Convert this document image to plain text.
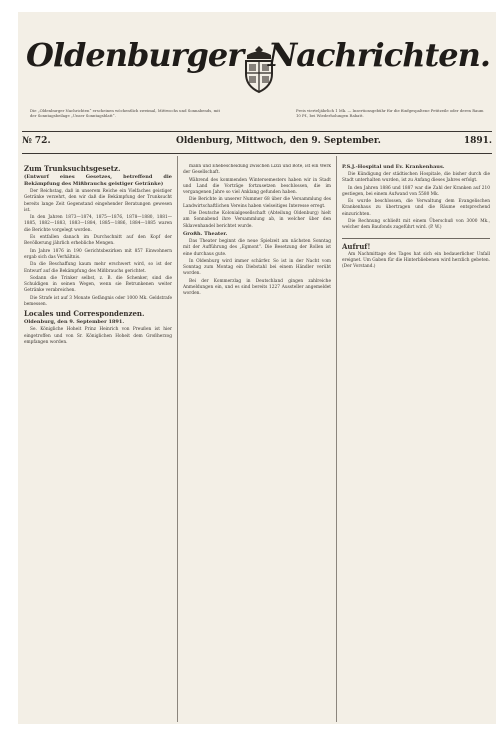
Oldenburger Nachrichten.
Die „Oldenburger Nachrichten“ erscheinen wöchentlich zweimal, Mittwochs und Sonnabends, mit der Sonntagsbeilage „Unser Sonntagsblatt“.
Preis vierteljährlich 1 Mk. — Insertionsgebühr für die fünfgespaltene Petitzeile oder deren Raum 10 Pf., bei Wiederholungen Rabatt.
№ 72.	Oldenburg, Mittwoch, den 9. September.	1891.

Zum Trunksuchtsgesetz.

(Entwurf eines Gesetzes, betreffend die Bekämpfung des Mißbrauchs geistiger Getränke)

Der Reichstag, daß in unserem Reiche ein Vielfaches geistiger Getränke verzehrt, den wir daß die Bekämpfung der Trunksucht bereits lange Zeit Gegenstand eingehender Beratungen gewesen ist.

In den Jahren 1873—1874, 1875—1876, 1878—1880, 1881—1885, 1882—1883, 1883—1884, 1885—1886, 1884—1885 waren die Berichte vorgelegt worden.

Es entfallen danach im Durchschnitt auf den Kopf der Bevölkerung jährlich erhebliche Mengen.

Im Jahre 1876 in 190 Gerichtsbezirken mit 857 Einwohnern ergab sich das Verhältnis.

Da die Beschaffung kaum mehr erschwert wird, so ist der Entwurf auf die Bekämpfung des Mißbrauchs gerichtet.

Sodann die Trinker selbst, z. B. die Schenker, sind die Schuldigen in seinen Wegen, wenn sie Betrunkenen weiter Getränke verabreichen.

Die Strafe ist auf 3 Monate Gefängnis oder 1000 Mk. Geldstrafe bemessen.

Locales und Correspondenzen.

Oldenburg, den 9. September 1891.

Se. Königliche Hoheit Prinz Heinrich von Preußen ist hier eingetroffen und von Sr. Königlichen Hoheit dem Großherzog empfangen worden.

mann und Ehebescheidung zwischen Lizzi und Bote, ist ein Werk der Gesellschaft.

Während des kommenden Wintersemesters haben wir in Stadt und Land die Vorträge fortzusetzen beschlossen, die im vergangenen Jahre so viel Anklang gefunden haben.

Die Berichte in unserer Nummer 68 über die Versammlung des Landwirtschaftlichen Vereins haben vielseitiges Interesse erregt.

Die Deutsche Kolonialgesellschaft (Abteilung Oldenburg) hielt am Sonnabend ihre Versammlung ab, in welcher über den Sklavenhandel berichtet wurde.

Großh. Theater.

Das Theater beginnt die neue Spielzeit am nächsten Sonntag mit der Aufführung des „Egmont“. Die Besetzung der Rollen ist eine durchaus gute.

In Oldenburg wird immer schärfer. So ist in der Nacht vom Sonntag zum Montag ein Diebstahl bei einem Händler verübt worden.

Bei der Kommerzlag in Deutschland gingen zahlreiche Anmeldungen ein, und es sind bereits 1227 Aussteller angemeldet worden.

P.S.J.-Hospital und Ev. Krankenhaus.

Die Kündigung der städtischen Hospitale, die bisher durch die Stadt unterhalten wurden, ist zu Anfang dieses Jahres erfolgt.

In den Jahren 1886 und 1887 war die Zahl der Kranken auf 210 gestiegen, bei einem Aufwand von 5580 Mk.

Es wurde beschlossen, die Verwaltung dem Evangelischen Krankenhaus zu übertragen und die Räume entsprechend einzurichten.

Die Rechnung schließt mit einem Überschuß von 3000 Mk., welcher dem Baufonds zugeführt wird. (P. W.)

Aufruf!

Am Nachmittage des Tages hat sich ein bedauerlicher Unfall ereignet. Um Gaben für die Hinterbliebenen wird herzlich gebeten. (Der Vorstand.)
